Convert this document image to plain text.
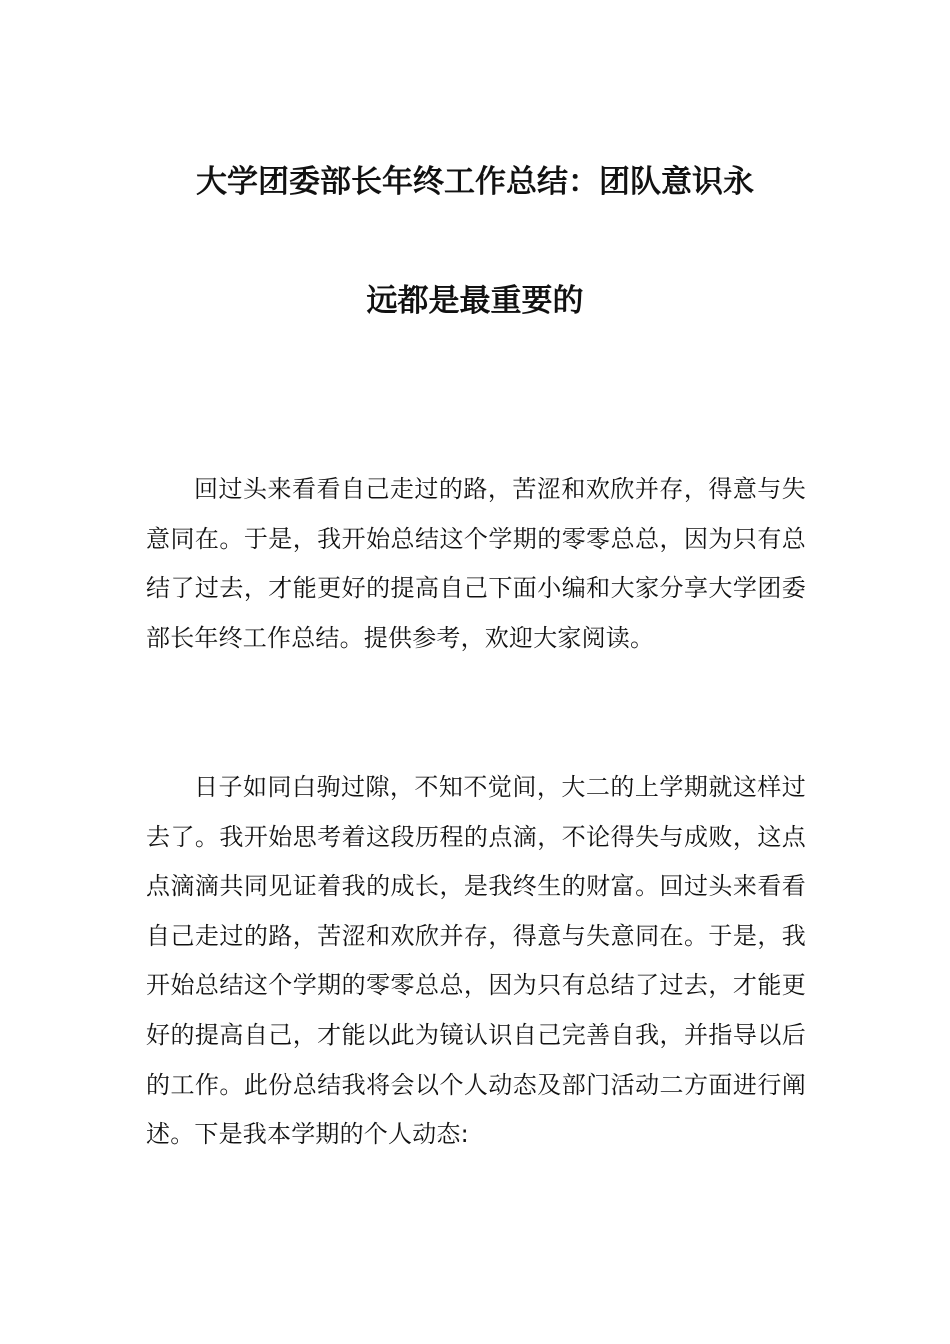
大学团委部长年终工作总结：团队意识永
远都是最重要的

回过头来看看自己走过的路，苦涩和欢欣并存，得意与失意同在。于是，我开始总结这个学期的零零总总，因为只有总结了过去，才能更好的提高自己下面小编和大家分享大学团委部长年终工作总结。提供参考，欢迎大家阅读。

日子如同白驹过隙，不知不觉间，大二的上学期就这样过去了。我开始思考着这段历程的点滴，不论得失与成败，这点点滴滴共同见证着我的成长，是我终生的财富。回过头来看看自己走过的路，苦涩和欢欣并存，得意与失意同在。于是，我开始总结这个学期的零零总总，因为只有总结了过去，才能更好的提高自己，才能以此为镜认识自己完善自我，并指导以后的工作。此份总结我将会以个人动态及部门活动二方面进行阐述。下是我本学期的个人动态:
